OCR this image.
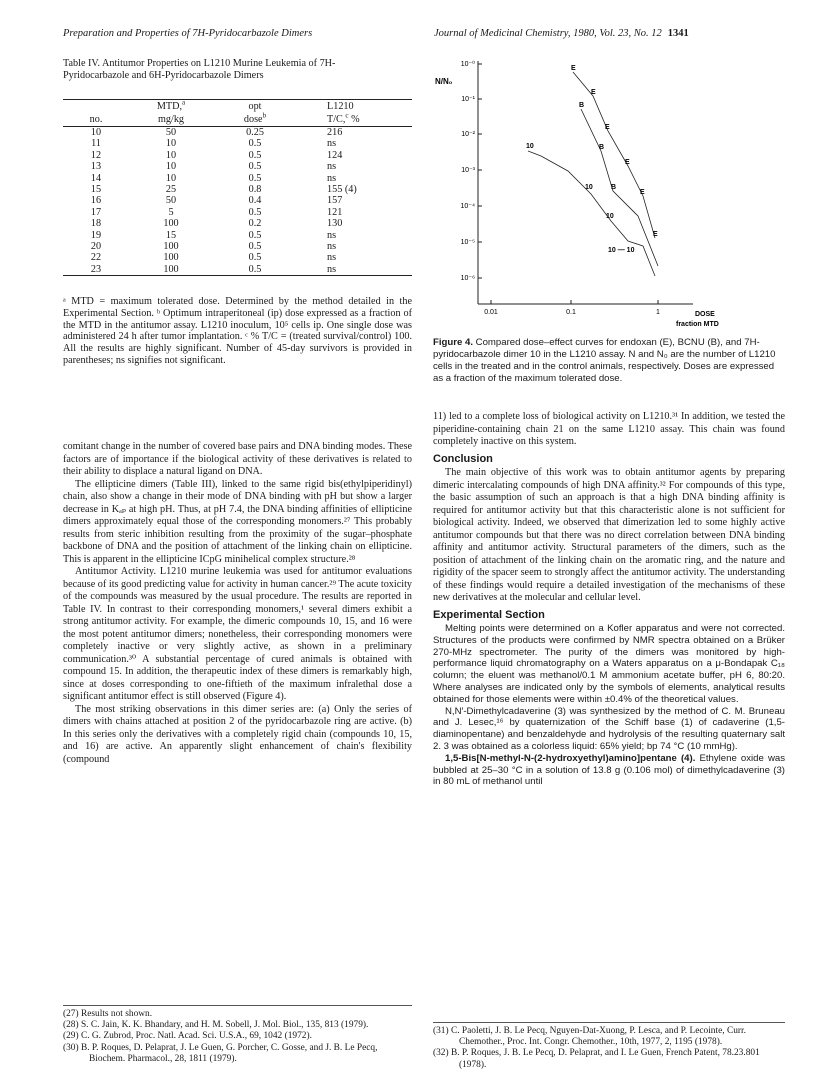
Preparation and Properties of 7H-Pyridocarbazole Dimers	Journal of Medicinal Chemistry, 1980, Vol. 23, No. 12 1341
Table IV. Antitumor Properties on L1210 Murine Leukemia of 7H-Pyridocarbazole and 6H-Pyridocarbazole Dimers
	MTD,$^a$	opt	L1210
no.	mg/kg	dose$^b$	T/C,$^c$ %
10	50	0.25	216
11	10	0.5	ns
12	10	0.5	124
13	10	0.5	ns
14	10	0.5	ns
15	25	0.8	155 (4)
16	50	0.4	157
17	5	0.5	121
18	100	0.2	130
19	15	0.5	ns
20	100	0.5	ns
22	100	0.5	ns
23	100	0.5	ns
ᵃ MTD = maximum tolerated dose. Determined by the method detailed in the Experimental Section. ᵇ Optimum intraperitoneal (ip) dose expressed as a fraction of the MTD in the antitumor assay. L1210 inoculum, 10⁵ cells ip. One single dose was administered 24 h after tumor implantation. ᶜ % T/C = (treated survival/control) 100. All the results are highly significant. Number of 45-day survivors is provided in parentheses; ns signifies not significant.

comitant change in the number of covered base pairs and DNA binding modes. These factors are of importance if the biological activity of these derivatives is related to their ability to displace a natural ligand on DNA.

The ellipticine dimers (Table III), linked to the same rigid bis(ethylpiperidinyl) chain, also show a change in their mode of DNA binding with pH but show a larger decrease in Kₐₚ at high pH. Thus, at pH 7.4, the DNA binding affinities of ellipticine dimers approximately equal those of the corresponding monomers.²⁷ This probably results from steric inhibition resulting from the proximity of the sugar–phosphate backbone of DNA and the position of attachment of the linking chain on ellipticine. This is apparent in the ellipticine ICpG minihelical complex structure.²⁸

Antitumor Activity. L1210 murine leukemia was used for antitumor evaluations because of its good predicting value for activity in human cancer.²⁹ The acute toxicity of the compounds was measured by the usual procedure. The results are reported in Table IV. In contrast to their corresponding monomers,¹ several dimers exhibit a strong antitumor activity. For example, the dimeric compounds 10, 15, and 16 were the most potent antitumor dimers; nonetheless, their corresponding monomers were completely inactive or very slightly active, as shown in a preliminary communication.³⁰ A substantial percentage of cured animals is obtained with compound 15. In addition, the therapeutic index of these dimers is remarkably high, since at doses corresponding to one-fiftieth of the maximum infralethal dose a significant antitumor effect is still observed (Figure 4).

The most striking observations in this dimer series are: (a) Only the series of dimers with chains attached at position 2 of the pyridocarbazole ring are active. (b) In this series only the derivatives with a completely rigid chain (compounds 10, 15, and 16) are active. An apparently slight enhancement of chain's flexibility (compound

(27) Results not shown.
(28) S. C. Jain, K. K. Bhandary, and H. M. Sobell, J. Mol. Biol., 135, 813 (1979).
(29) C. G. Zubrod, Proc. Natl. Acad. Sci. U.S.A., 69, 1042 (1972).
(30) B. P. Roques, D. Pelaprat, J. Le Guen, G. Porcher, C. Gosse, and J. B. Le Pecq, Biochem. Pharmacol., 28, 1811 (1979).
N/N₀
10⁻⁰
10⁻¹
10⁻²
10⁻³
10⁻⁴
10⁻⁵
10⁻⁶
0.01	0.1	1	DOSE
fraction MTD
E
E
E
E
E
E
B
B
B
10
10
10
10 — 10
Figure 4. Compared dose–effect curves for endoxan (E), BCNU (B), and 7H-pyridocarbazole dimer 10 in the L1210 assay. N and N₀ are the number of L1210 cells in the treated and in the control animals, respectively. Doses are expressed as a fraction of the maximum tolerated dose.

11) led to a complete loss of biological activity on L1210.³¹ In addition, we tested the piperidine-containing chain 21 on the same L1210 assay. This chain was found completely inactive on this system.

Conclusion

The main objective of this work was to obtain antitumor agents by preparing dimeric intercalating compounds of high DNA affinity.³² For compounds of this type, the basic assumption of such an approach is that a high DNA binding affinity is required for antitumor activity but that this characteristic alone is not sufficient for biological activity. Indeed, we observed that dimerization led to some highly active antitumor compounds but that there was no direct correlation between DNA binding affinity and antitumor activity. Structural parameters of the dimers, such as the position of attachment of the linking chain on the aromatic ring, and the nature and rigidity of the spacer seem to strongly affect the antitumor activity. The understanding of these findings would require a detailed investigation of the mechanisms of these new derivatives at the molecular and cellular level.

Experimental Section

Melting points were determined on a Kofler apparatus and were not corrected. Structures of the products were confirmed by NMR spectra obtained on a Brüker 270-MHz spectrometer. The purity of the dimers was monitored by high-performance liquid chromatography on a Waters apparatus on a μ-Bondapak C₁₈ column; the eluent was methanol/0.1 M ammonium acetate buffer, pH 6, 80:20. Where analyses are indicated only by the symbols of elements, analytical results obtained for those elements were within ±0.4% of the theoretical values.

N,N′-Dimethylcadaverine (3) was synthesized by the method of C. M. Bruneau and J. Lesec,¹⁶ by quaternization of the Schiff base (1) of cadaverine (1,5-diaminopentane) and benzaldehyde and hydrolysis of the resulting quaternary salt 2. 3 was obtained as a colorless liquid: 65% yield; bp 74 °C (10 mmHg).

1,5-Bis[N-methyl-N-(2-hydroxyethyl)amino]pentane (4). Ethylene oxide was bubbled at 25–30 °C in a solution of 13.8 g (0.106 mol) of dimethylcadaverine (3) in 80 mL of methanol until

(31) C. Paoletti, J. B. Le Pecq, Nguyen-Dat-Xuong, P. Lesca, and P. Lecointe, Curr. Chemother., Proc. Int. Congr. Chemother., 10th, 1977, 2, 1195 (1978).
(32) B. P. Roques, J. B. Le Pecq, D. Pelaprat, and I. Le Guen, French Patent, 78.23.801 (1978).
